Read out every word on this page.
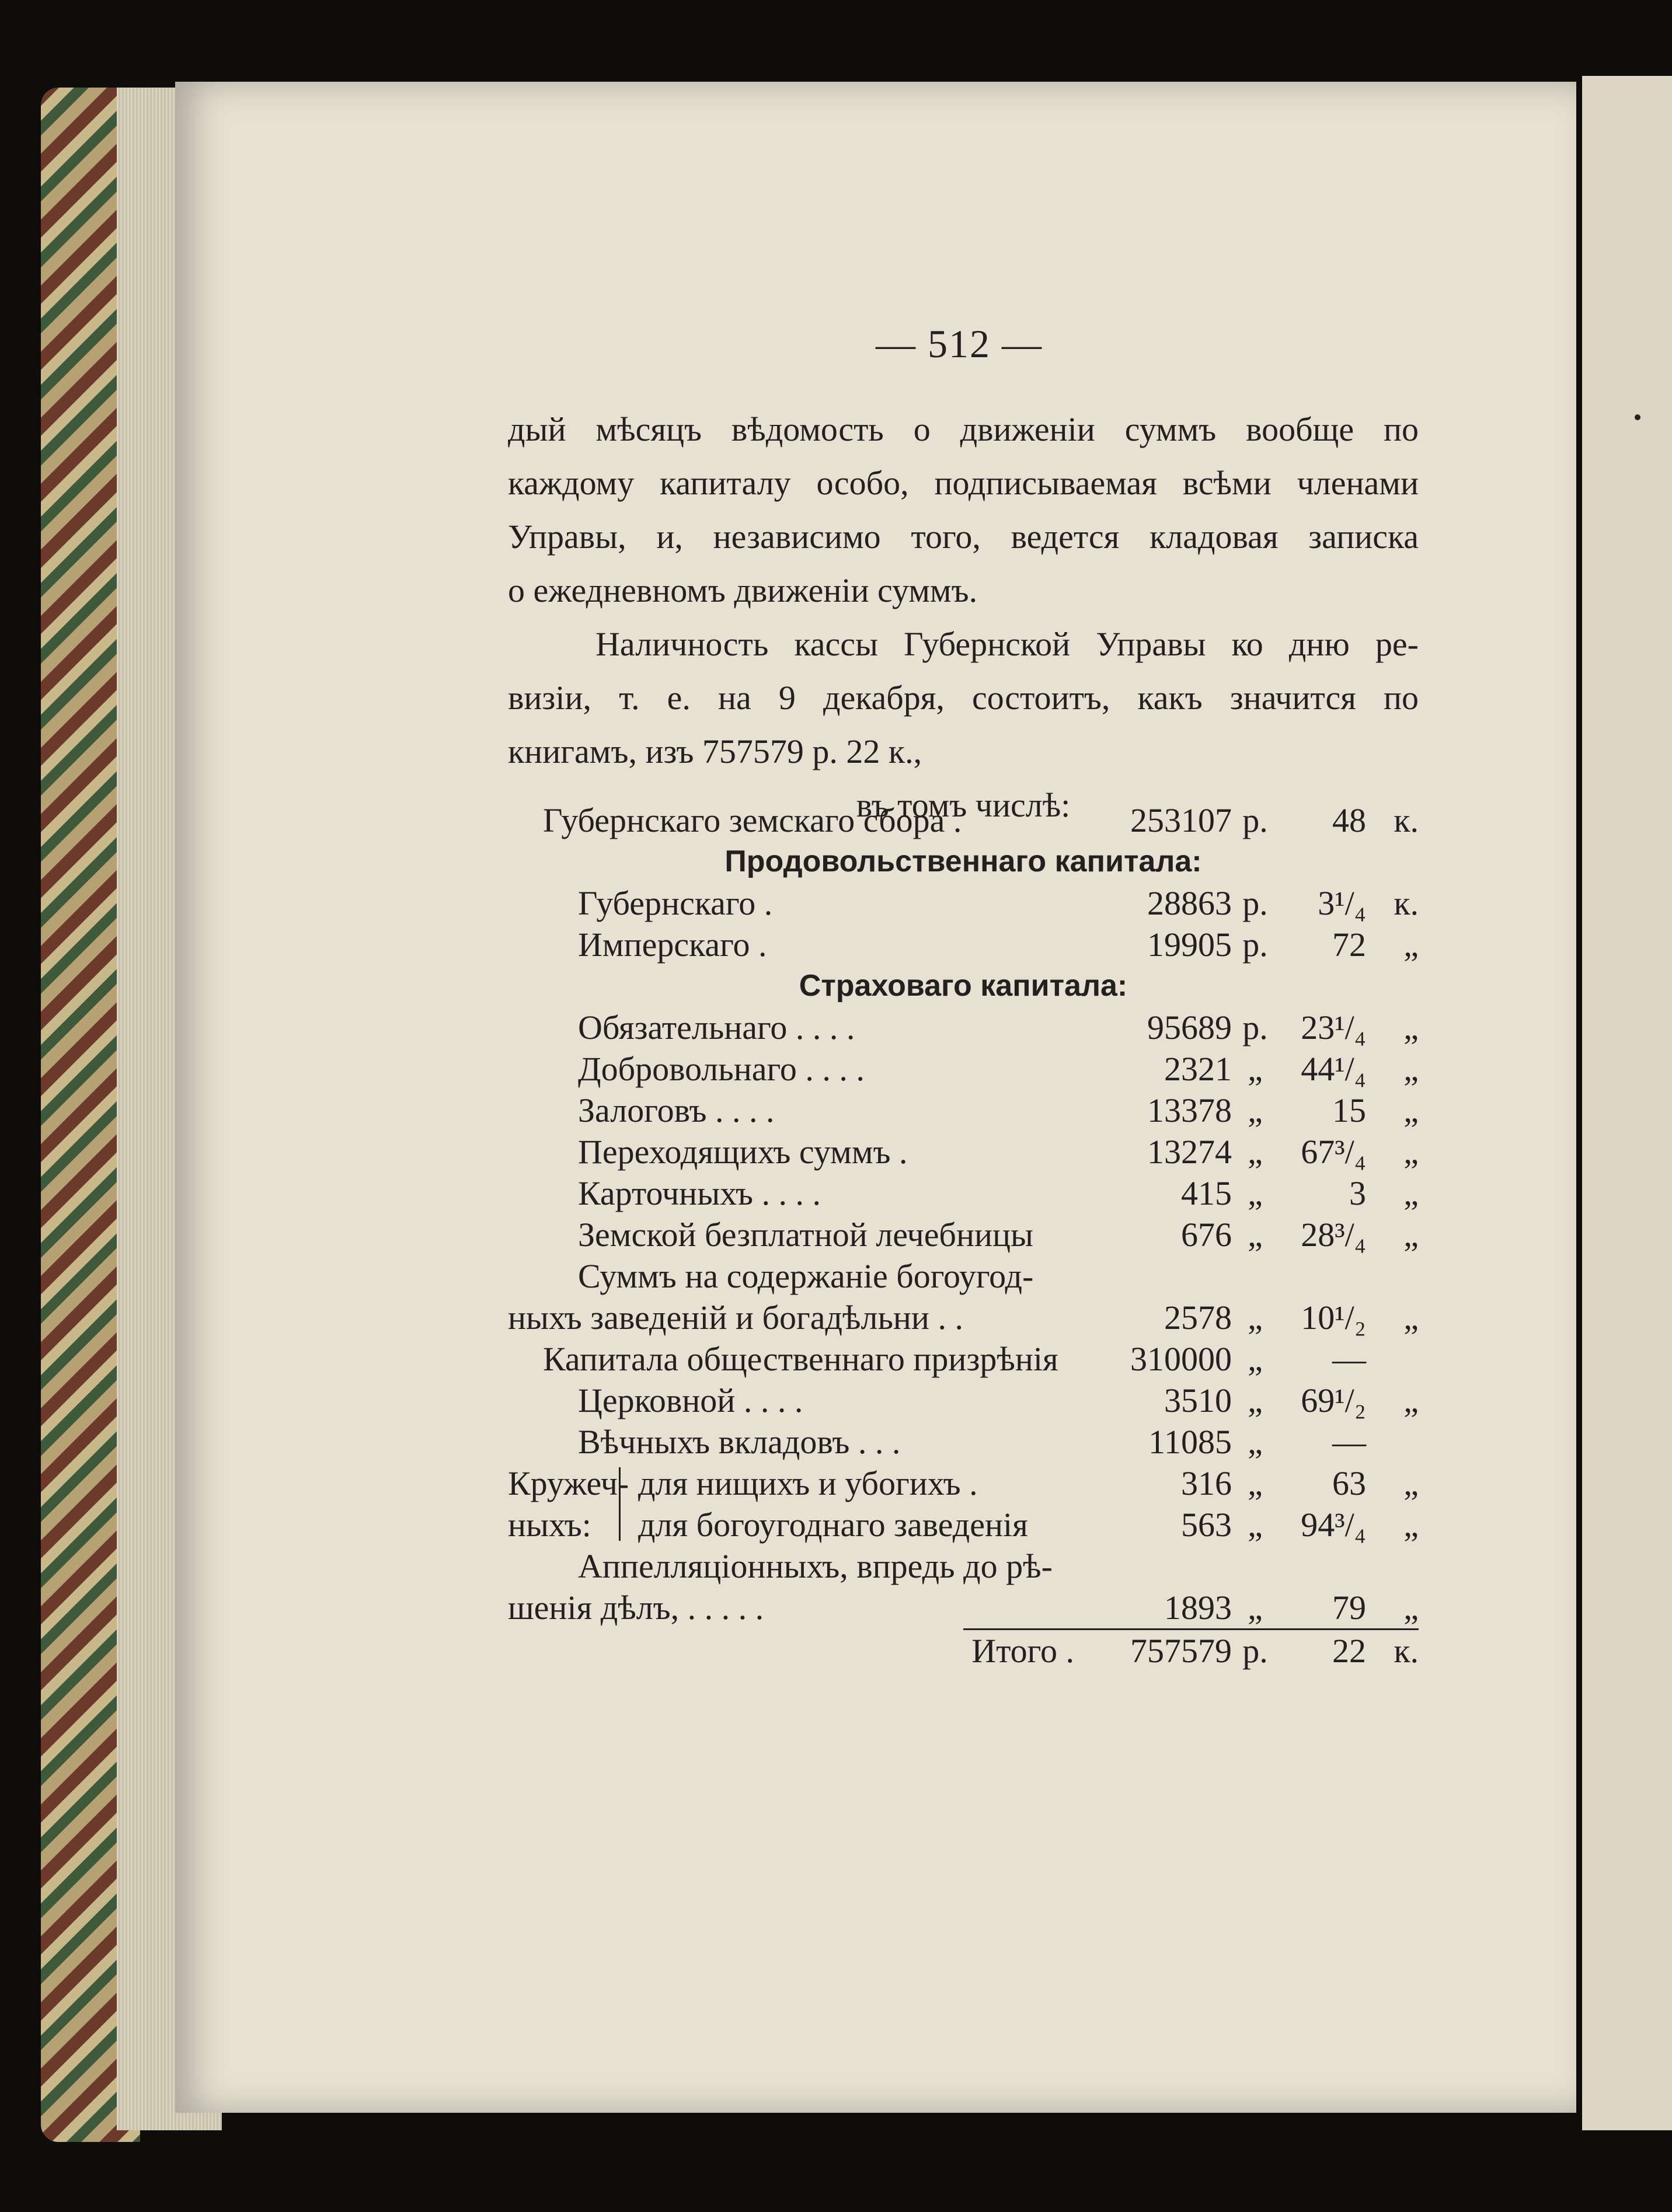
— 512 —
дый мѣсяцъ вѣдомость о движеніи суммъ вообще по
каждому капиталу особо, подписываемая всѣми членами
Управы, и, независимо того, ведется кладовая записка
о ежедневномъ движеніи суммъ.
Наличность кассы Губернской Управы ко дню ре-
визіи, т. е. на 9 декабря, состоитъ, какъ значится по
книгамъ, изъ 757579 р. 22 к.,
въ томъ числѣ:
Губернскаго земскаго сбора .	253107 р.	48 к.
Продовольственнаго капитала:
Губернскаго .	28863 р.	3¹/₄ к.
Имперскаго .	19905 р.	72	„
Страховаго капитала:
Обязательнаго . . . .	95689 р. 23¹/₄	„
Добровольнаго . . . .	2321 „	44¹/₄	„
Залоговъ . . . .	13378 „	15	„
Переходящихъ суммъ .	13274 „	67³/₄	„
Карточныхъ . . . .	415 „	3	„
Земской безплатной лечебницы	676 „	28³/₄	„
Суммъ на содержаніе богоугод-
ныхъ заведеній и богадѣльни . .	2578 „	10¹/₂	„
Капитала общественнаго призрѣнія	310000 „	—
Церковной . . . .	3510 „	69¹/₂	„
Вѣчныхъ вкладовъ . . .	11085 „	—
Кружеч-
ныхъ:
для нищихъ и убогихъ .	316 „	63	„
для богоугоднаго заведенія	563 „	94³/₄	„
Аппелляціонныхъ, впредь до рѣ-
шенія дѣлъ, . . . . .	1893 „	79	„
Итого .	757579 р.	22 к.
